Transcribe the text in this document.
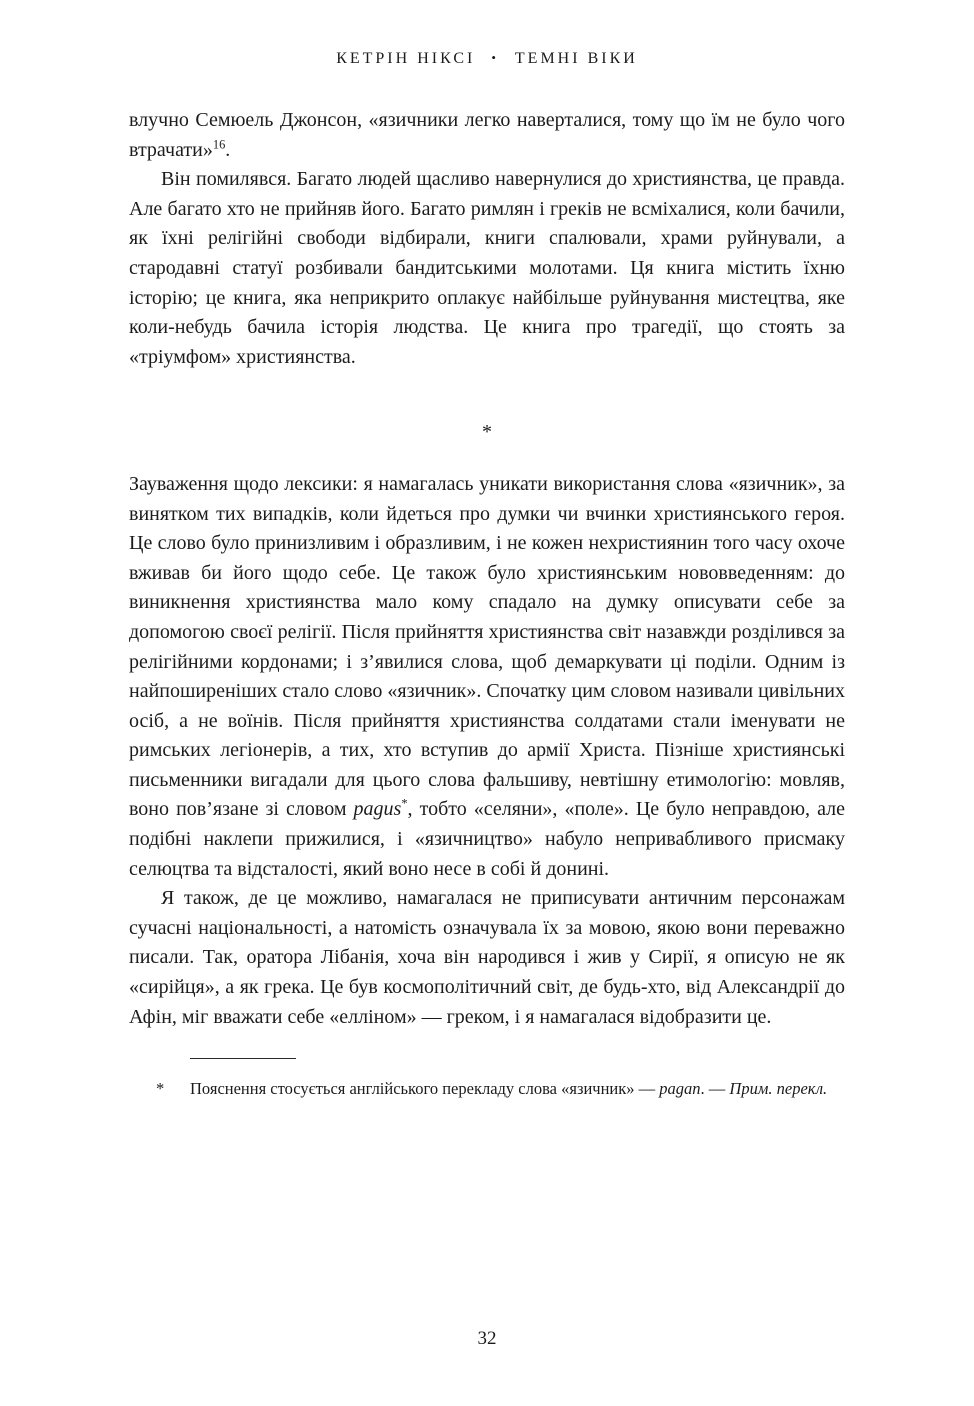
КЕТРІН НІКСІ • ТЕМНІ ВІКИ

влучно Семюель Джонсон, «язичники легко наверталися, тому що їм не було чого втрачати»$^{16}$.

Він помилявся. Багато людей щасливо навернулися до християнства, це правда. Але багато хто не прийняв його. Багато римлян і греків не всміхалися, коли бачили, як їхні релігійні свободи відбирали, книги спалювали, храми руйнували, а стародавні статуї розбивали бандитськими молотами. Ця книга містить їхню історію; це книга, яка неприкрито оплакує найбільше руйнування мистецтва, яке коли-небудь бачила історія людства. Це книга про трагедії, що стоять за «тріумфом» християнства.

*

Зауваження щодо лексики: я намагалась уникати використання слова «язичник», за винятком тих випадків, коли йдеться про думки чи вчинки християнського героя. Це слово було принизливим і образливим, і не кожен нехристиянин того часу охоче вживав би його щодо себе. Це також було християнським нововведенням: до виникнення християнства мало кому спадало на думку описувати себе за допомогою своєї релігії. Після прийняття християнства світ назавжди розділився за релігійними кордонами; і з’явилися слова, щоб демаркувати ці поділи. Одним із найпоширеніших стало слово «язичник». Спочатку цим словом називали цивільних осіб, а не воїнів. Після прийняття християнства солдатами стали іменувати не римських легіонерів, а тих, хто вступив до армії Христа. Пізніше християнські письменники вигадали для цього слова фальшиву, невтішну етимологію: мовляв, воно пов’язане зі словом pagus*, тобто «селяни», «поле». Це було неправдою, але подібні наклепи прижилися, і «язичництво» набуло непривабливого присмаку селюцтва та відсталості, який воно несе в собі й донині.

Я також, де це можливо, намагалася не приписувати античним персонажам сучасні національності, а натомість означувала їх за мовою, якою вони переважно писали. Так, оратора Лібанія, хоча він народився і жив у Сирії, я описую не як «сирійця», а як грека. Це був космополітичний світ, де будь-хто, від Александрії до Афін, міг вважати себе «елліном» — греком, і я намагалася відобразити це.

* Пояснення стосується англійського перекладу слова «язичник» — pagan. — Прим. перекл.
32
